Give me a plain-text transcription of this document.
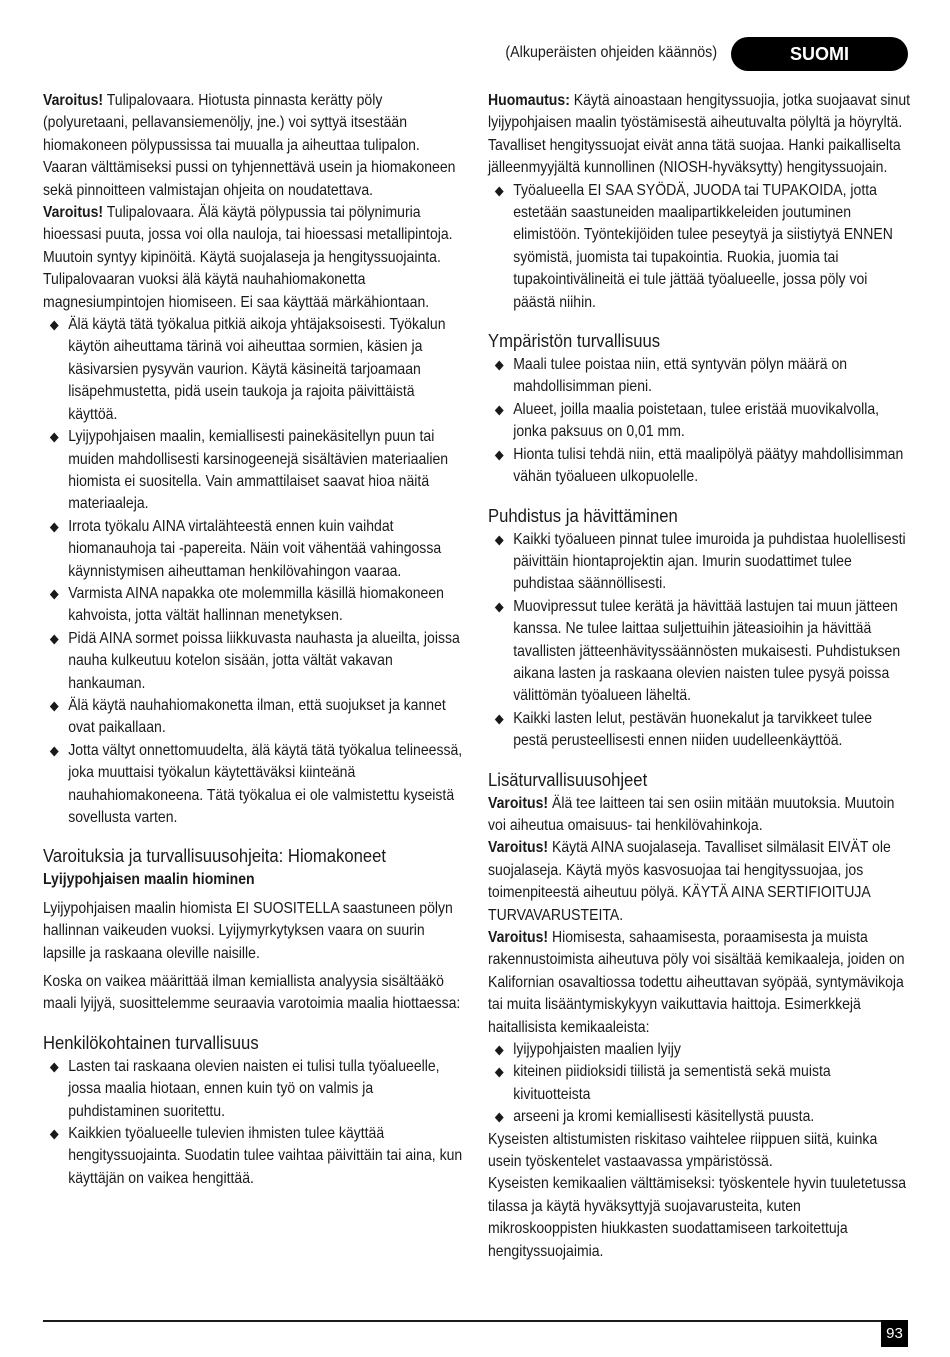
(Alkuperäisten ohjeiden käännös)	SUOMI

Varoitus! Tulipalovaara. Hiotusta pinnasta kerätty pöly (polyuretaani, pellavansiemenöljy, jne.) voi syttyä itsestään hiomakoneen pölypussissa tai muualla ja aiheuttaa tulipalon. Vaaran välttämiseksi pussi on tyhjennettävä usein ja hiomakoneen sekä pinnoitteen valmistajan ohjeita on noudatettava.

Varoitus! Tulipalovaara. Älä käytä pölypussia tai pölynimuria hioessasi puuta, jossa voi olla nauloja, tai hioessasi metallipintoja. Muutoin syntyy kipinöitä. Käytä suojalaseja ja hengityssuojainta. Tulipalovaaran vuoksi älä käytä nauhahiomakonetta magnesiumpintojen hiomiseen. Ei saa käyttää märkähiontaan.

Älä käytä tätä työkalua pitkiä aikoja yhtäjaksoisesti. Työkalun käytön aiheuttama tärinä voi aiheuttaa sormien, käsien ja käsivarsien pysyvän vaurion. Käytä käsineitä tarjoamaan lisäpehmustetta, pidä usein taukoja ja rajoita päivittäistä käyttöä.
Lyijypohjaisen maalin, kemiallisesti painekäsitellyn puun tai muiden mahdollisesti karsinogeenejä sisältävien materiaalien hiomista ei suositella. Vain ammattilaiset saavat hioa näitä materiaaleja.
Irrota työkalu AINA virtalähteestä ennen kuin vaihdat hiomanauhoja tai -papereita. Näin voit vähentää vahingossa käynnistymisen aiheuttaman henkilövahingon vaaraa.
Varmista AINA napakka ote molemmilla käsillä hiomakoneen kahvoista, jotta vältät hallinnan menetyksen.
Pidä AINA sormet poissa liikkuvasta nauhasta ja alueilta, joissa nauha kulkeutuu kotelon sisään, jotta vältät vakavan hankauman.
Älä käytä nauhahiomakonetta ilman, että suojukset ja kannet ovat paikallaan.
Jotta vältyt onnettomuudelta, älä käytä tätä työkalua telineessä, joka muuttaisi työkalun käytettäväksi kiinteänä nauhahiomakoneena. Tätä työkalua ei ole valmistettu kyseistä sovellusta varten.
Varoituksia ja turvallisuusohjeita: Hiomakoneet
Lyijypohjaisen maalin hiominen

Lyijypohjaisen maalin hiomista EI SUOSITELLA saastuneen pölyn hallinnan vaikeuden vuoksi. Lyijymyrkytyksen vaara on suurin lapsille ja raskaana oleville naisille.

Koska on vaikea määrittää ilman kemiallista analyysia sisältääkö maali lyijyä, suosittelemme seuraavia varotoimia maalia hiottaessa:

Henkilökohtainen turvallisuus
Lasten tai raskaana olevien naisten ei tulisi tulla työalueelle, jossa maalia hiotaan, ennen kuin työ on valmis ja puhdistaminen suoritettu.
Kaikkien työalueelle tulevien ihmisten tulee käyttää hengityssuojainta. Suodatin tulee vaihtaa päivittäin tai aina, kun käyttäjän on vaikea hengittää.

Huomautus: Käytä ainoastaan hengityssuojia, jotka suojaavat sinut lyijypohjaisen maalin työstämisestä aiheutuvalta pölyltä ja höyryltä. Tavalliset hengityssuojat eivät anna tätä suojaa. Hanki paikalliselta jälleenmyyjältä kunnollinen (NIOSH-hyväksytty) hengityssuojain.

Työalueella EI SAA SYÖDÄ, JUODA tai TUPAKOIDA, jotta estetään saastuneiden maalipartikkeleiden joutuminen elimistöön. Työntekijöiden tulee peseytyä ja siistiytyä ENNEN syömistä, juomista tai tupakointia. Ruokia, juomia tai tupakointivälineitä ei tule jättää työalueelle, jossa pöly voi päästä niihin.
Ympäristön turvallisuus
Maali tulee poistaa niin, että syntyvän pölyn määrä on mahdollisimman pieni.
Alueet, joilla maalia poistetaan, tulee eristää muovikalvolla, jonka paksuus on 0,01 mm.
Hionta tulisi tehdä niin, että maalipölyä päätyy mahdollisimman vähän työalueen ulkopuolelle.
Puhdistus ja hävittäminen
Kaikki työalueen pinnat tulee imuroida ja puhdistaa huolellisesti päivittäin hiontaprojektin ajan. Imurin suodattimet tulee puhdistaa säännöllisesti.
Muovipressut tulee kerätä ja hävittää lastujen tai muun jätteen kanssa. Ne tulee laittaa suljettuihin jäteasioihin ja hävittää tavallisten jätteenhävityssäännösten mukaisesti. Puhdistuksen aikana lasten ja raskaana olevien naisten tulee pysyä poissa välittömän työalueen läheltä.
Kaikki lasten lelut, pestävän huonekalut ja tarvikkeet tulee pestä perusteellisesti ennen niiden uudelleenkäyttöä.
Lisäturvallisuusohjeet

Varoitus! Älä tee laitteen tai sen osiin mitään muutoksia. Muutoin voi aiheutua omaisuus- tai henkilövahinkoja.

Varoitus! Käytä AINA suojalaseja. Tavalliset silmälasit EIVÄT ole suojalaseja. Käytä myös kasvosuojaa tai hengityssuojaa, jos toimenpiteestä aiheutuu pölyä. KÄYTÄ AINA SERTIFIOITUJA TURVAVARUSTEITA.

Varoitus! Hiomisesta, sahaamisesta, poraamisesta ja muista rakennustoimista aiheutuva pöly voi sisältää kemikaaleja, joiden on Kalifornian osavaltiossa todettu aiheuttavan syöpää, syntymävikoja tai muita lisääntymiskykyyn vaikuttavia haittoja. Esimerkkejä haitallisista kemikaaleista:

lyijypohjaisten maalien lyijy
kiteinen piidioksidi tiilistä ja sementistä sekä muista kivituotteista
arseeni ja kromi kemiallisesti käsitellystä puusta.

Kyseisten altistumisten riskitaso vaihtelee riippuen siitä, kuinka usein työskentelet vastaavassa ympäristössä.

Kyseisten kemikaalien välttämiseksi: työskentele hyvin tuuletetussa tilassa ja käytä hyväksyttyjä suojavarusteita, kuten mikroskooppisten hiukkasten suodattamiseen tarkoitettuja hengityssuojaimia.

93
